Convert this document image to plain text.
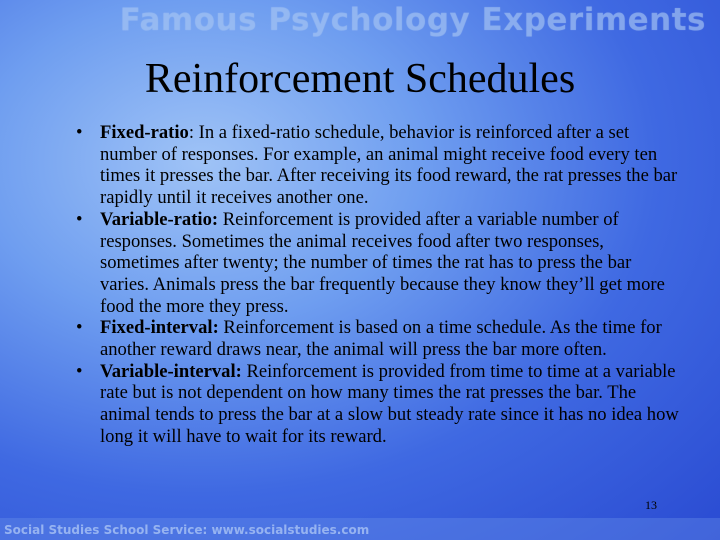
Famous Psychology Experiments
Reinforcement Schedules
• Fixed-ratio: In a fixed-ratio schedule, behavior is reinforced after a set number of responses. For example, an animal might receive food every ten times it presses the bar. After receiving its food reward, the rat presses the bar rapidly until it receives another one.
• Variable-ratio: Reinforcement is provided after a variable number of responses. Sometimes the animal receives food after two responses, sometimes after twenty; the number of times the rat has to press the bar varies. Animals press the bar frequently because they know they’ll get more food the more they press.
• Fixed-interval: Reinforcement is based on a time schedule. As the time for another reward draws near, the animal will press the bar more often.
• Variable-interval: Reinforcement is provided from time to time at a variable rate but is not dependent on how many times the rat presses the bar. The animal tends to press the bar at a slow but steady rate since it has no idea how long it will have to wait for its reward.
13
Social Studies School Service: www.socialstudies.com
